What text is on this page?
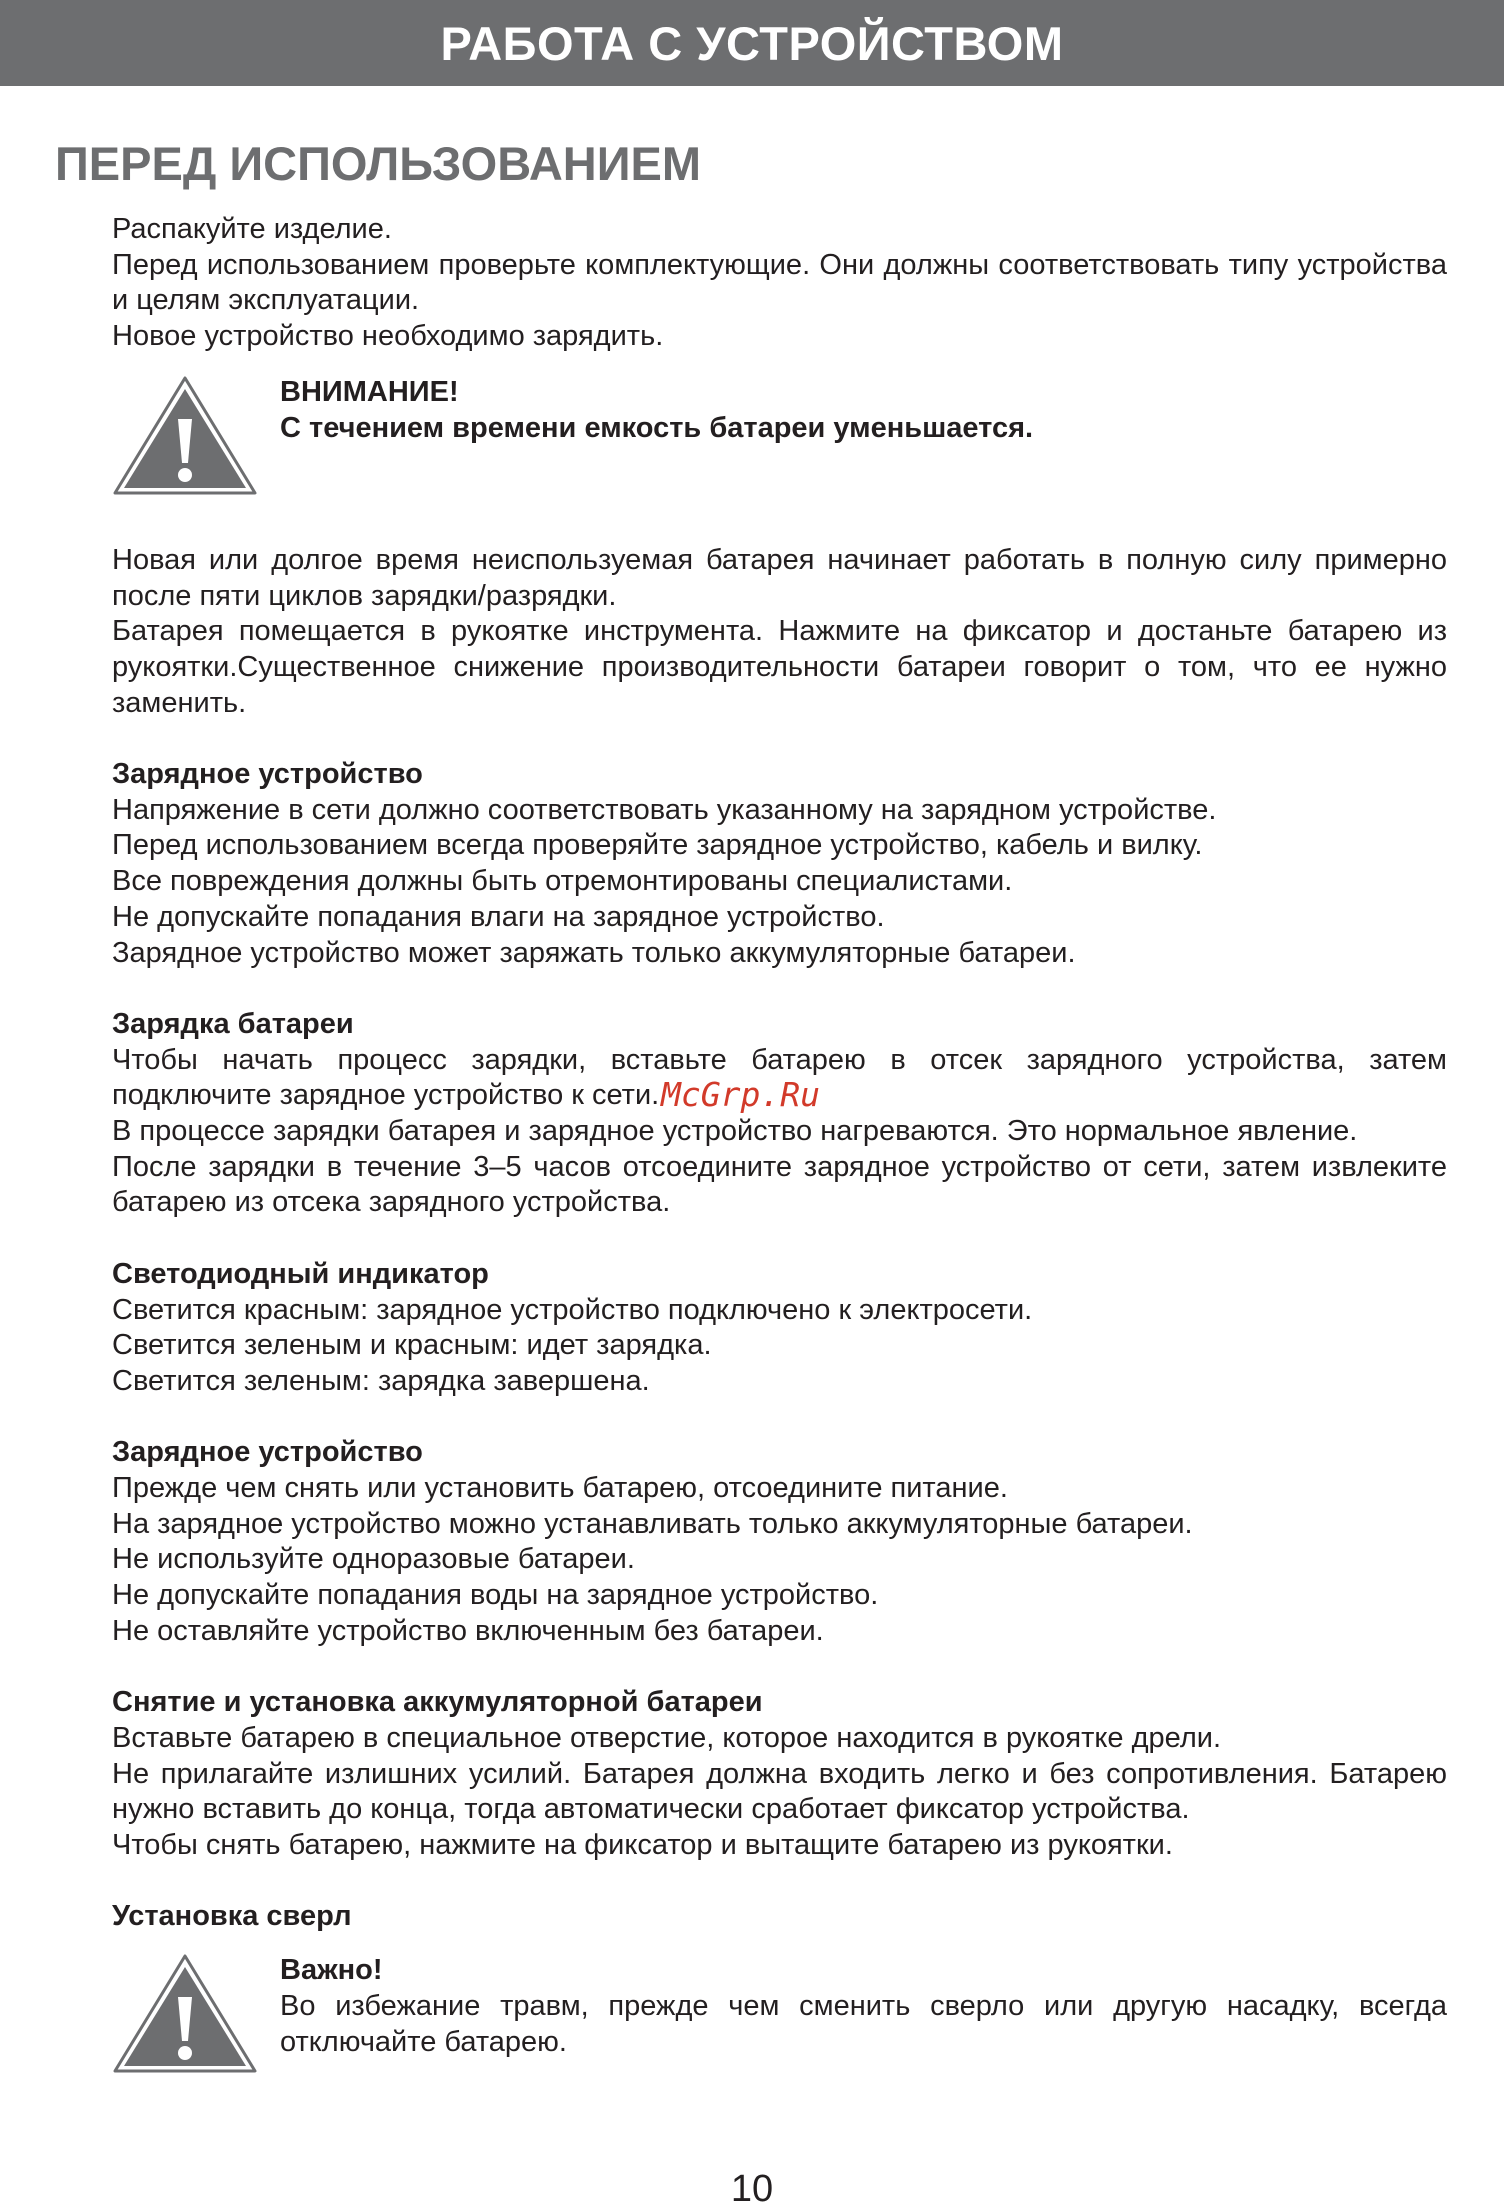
РАБОТА С УСТРОЙСТВОМ
ПЕРЕД ИСПОЛЬЗОВАНИЕМ

Распакуйте изделие.

Перед использованием проверьте комплектующие. Они должны соответствовать типу устройства и целям эксплуатации.

Новое устройство необходимо зарядить.

ВНИМАНИЕ!

С течением времени емкость батареи уменьшается.

Новая или долгое время неиспользуемая батарея начинает работать в полную силу примерно после пяти циклов зарядки/разрядки.

Батарея помещается в рукоятке инструмента. Нажмите на фиксатор и достаньте батарею из рукоятки.Существенное снижение производительности батареи говорит о том, что ее нужно заменить.

Зарядное устройство

Напряжение в сети должно соответствовать указанному на зарядном устройстве.

Перед использованием всегда проверяйте зарядное устройство, кабель и вилку.

Все повреждения должны быть отремонтированы специалистами.

Не допускайте попадания влаги на зарядное устройство.

Зарядное устройство может заряжать только аккумуляторные батареи.

Зарядка батареи

Чтобы начать процесс зарядки, вставьте батарею в отсек зарядного устройства, затем подключите зарядное устройство к сети.

В процессе зарядки батарея и зарядное устройство нагреваются. Это нормальное явление.

После зарядки в течение 3–5 часов отсоедините зарядное устройство от сети, затем извлеките батарею из отсека зарядного устройства.

Светодиодный индикатор

Светится красным: зарядное устройство подключено к электросети.

Светится зеленым и красным: идет зарядка.

Светится зеленым: зарядка завершена.

Зарядное устройство

Прежде чем снять или установить батарею, отсоедините питание.

На зарядное устройство можно устанавливать только аккумуляторные батареи.

Не используйте одноразовые батареи.

Не допускайте попадания воды на зарядное устройство.

Не оставляйте устройство включенным без батареи.

Снятие и установка аккумуляторной батареи

Вставьте батарею в специальное отверстие, которое находится в рукоятке дрели.

Не прилагайте излишних усилий. Батарея должна входить легко и без сопротивления. Батарею нужно вставить до конца, тогда автоматически сработает фиксатор устройства.

Чтобы снять батарею, нажмите на фиксатор и вытащите батарею из рукоятки.

Установка сверл

Важно!

Во избежание травм, прежде чем сменить сверло или другую насадку, всегда отключайте батарею.

McGrp.Ru
10
